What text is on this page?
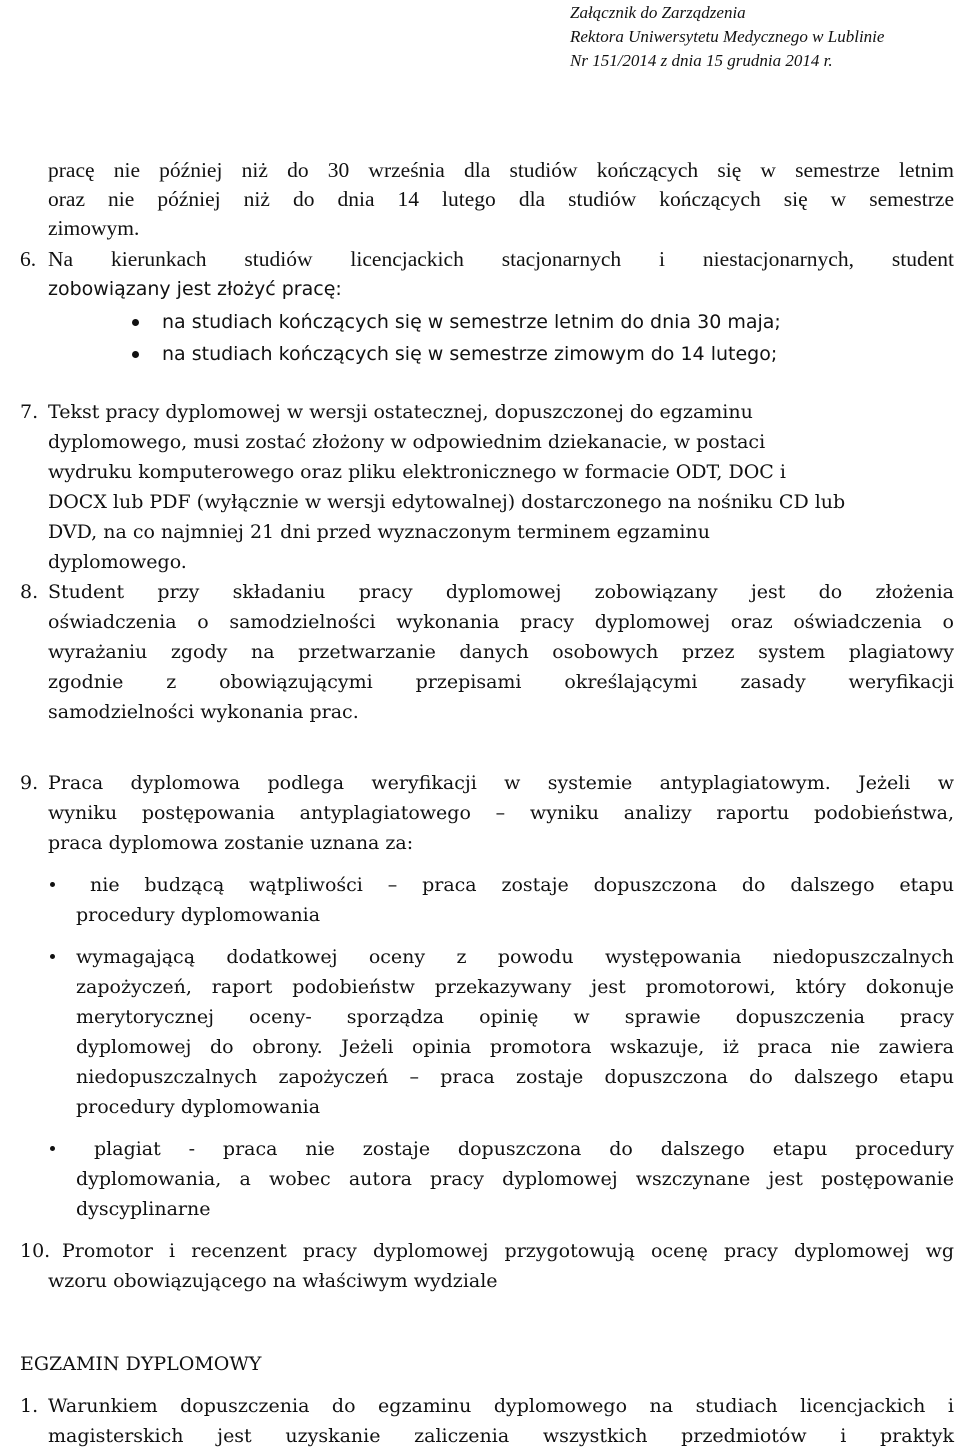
Załącznik do Zarządzenia
Rektora Uniwersytetu Medycznego w Lublinie
Nr 151/2014 z dnia 15 grudnia 2014 r.
pracę nie później niż do 30 września dla studiów kończących się w semestrze letnim
oraz nie później niż do dnia 14 lutego dla studiów kończących się w semestrze
zimowym.
6. Na kierunkach studiów licencjackich stacjonarnych i niestacjonarnych, student
zobowiązany jest złożyć pracę:
na studiach kończących się w semestrze letnim do dnia 30 maja;
na studiach kończących się w semestrze zimowym do 14 lutego;
7. Tekst pracy dyplomowej w wersji ostatecznej, dopuszczonej do egzaminu
dyplomowego, musi zostać złożony w odpowiednim dziekanacie, w postaci
wydruku komputerowego oraz pliku elektronicznego w formacie ODT, DOC i
DOCX lub PDF (wyłącznie w wersji edytowalnej) dostarczonego na nośniku CD lub
DVD, na co najmniej 21 dni przed wyznaczonym terminem egzaminu
dyplomowego.
8. Student przy składaniu pracy dyplomowej zobowiązany jest do złożenia
oświadczenia o samodzielności wykonania pracy dyplomowej oraz oświadczenia o
wyrażaniu zgody na przetwarzanie danych osobowych przez system plagiatowy
zgodnie z obowiązującymi przepisami określającymi zasady weryfikacji
samodzielności wykonania prac.
9. Praca dyplomowa podlega weryfikacji w systemie antyplagiatowym. Jeżeli w
wyniku postępowania antyplagiatowego – wyniku analizy raportu podobieństwa,
praca dyplomowa zostanie uznana za:
nie budzącą wątpliwości – praca zostaje dopuszczona do dalszego etapu
procedury dyplomowania
wymagającą dodatkowej oceny z powodu występowania niedopuszczalnych
zapożyczeń, raport podobieństw przekazywany jest promotorowi, który dokonuje
merytorycznej oceny- sporządza opinię w sprawie dopuszczenia pracy
dyplomowej do obrony. Jeżeli opinia promotora wskazuje, iż praca nie zawiera
niedopuszczalnych zapożyczeń – praca zostaje dopuszczona do dalszego etapu
procedury dyplomowania
plagiat - praca nie zostaje dopuszczona do dalszego etapu procedury
dyplomowania, a wobec autora pracy dyplomowej wszczynane jest postępowanie
dyscyplinarne
10. Promotor i recenzent pracy dyplomowej przygotowują ocenę pracy dyplomowej wg
wzoru obowiązującego na właściwym wydziale
EGZAMIN DYPLOMOWY
1. Warunkiem dopuszczenia do egzaminu dyplomowego na studiach licencjackich i
magisterskich jest uzyskanie zaliczenia wszystkich przedmiotów i praktyk
